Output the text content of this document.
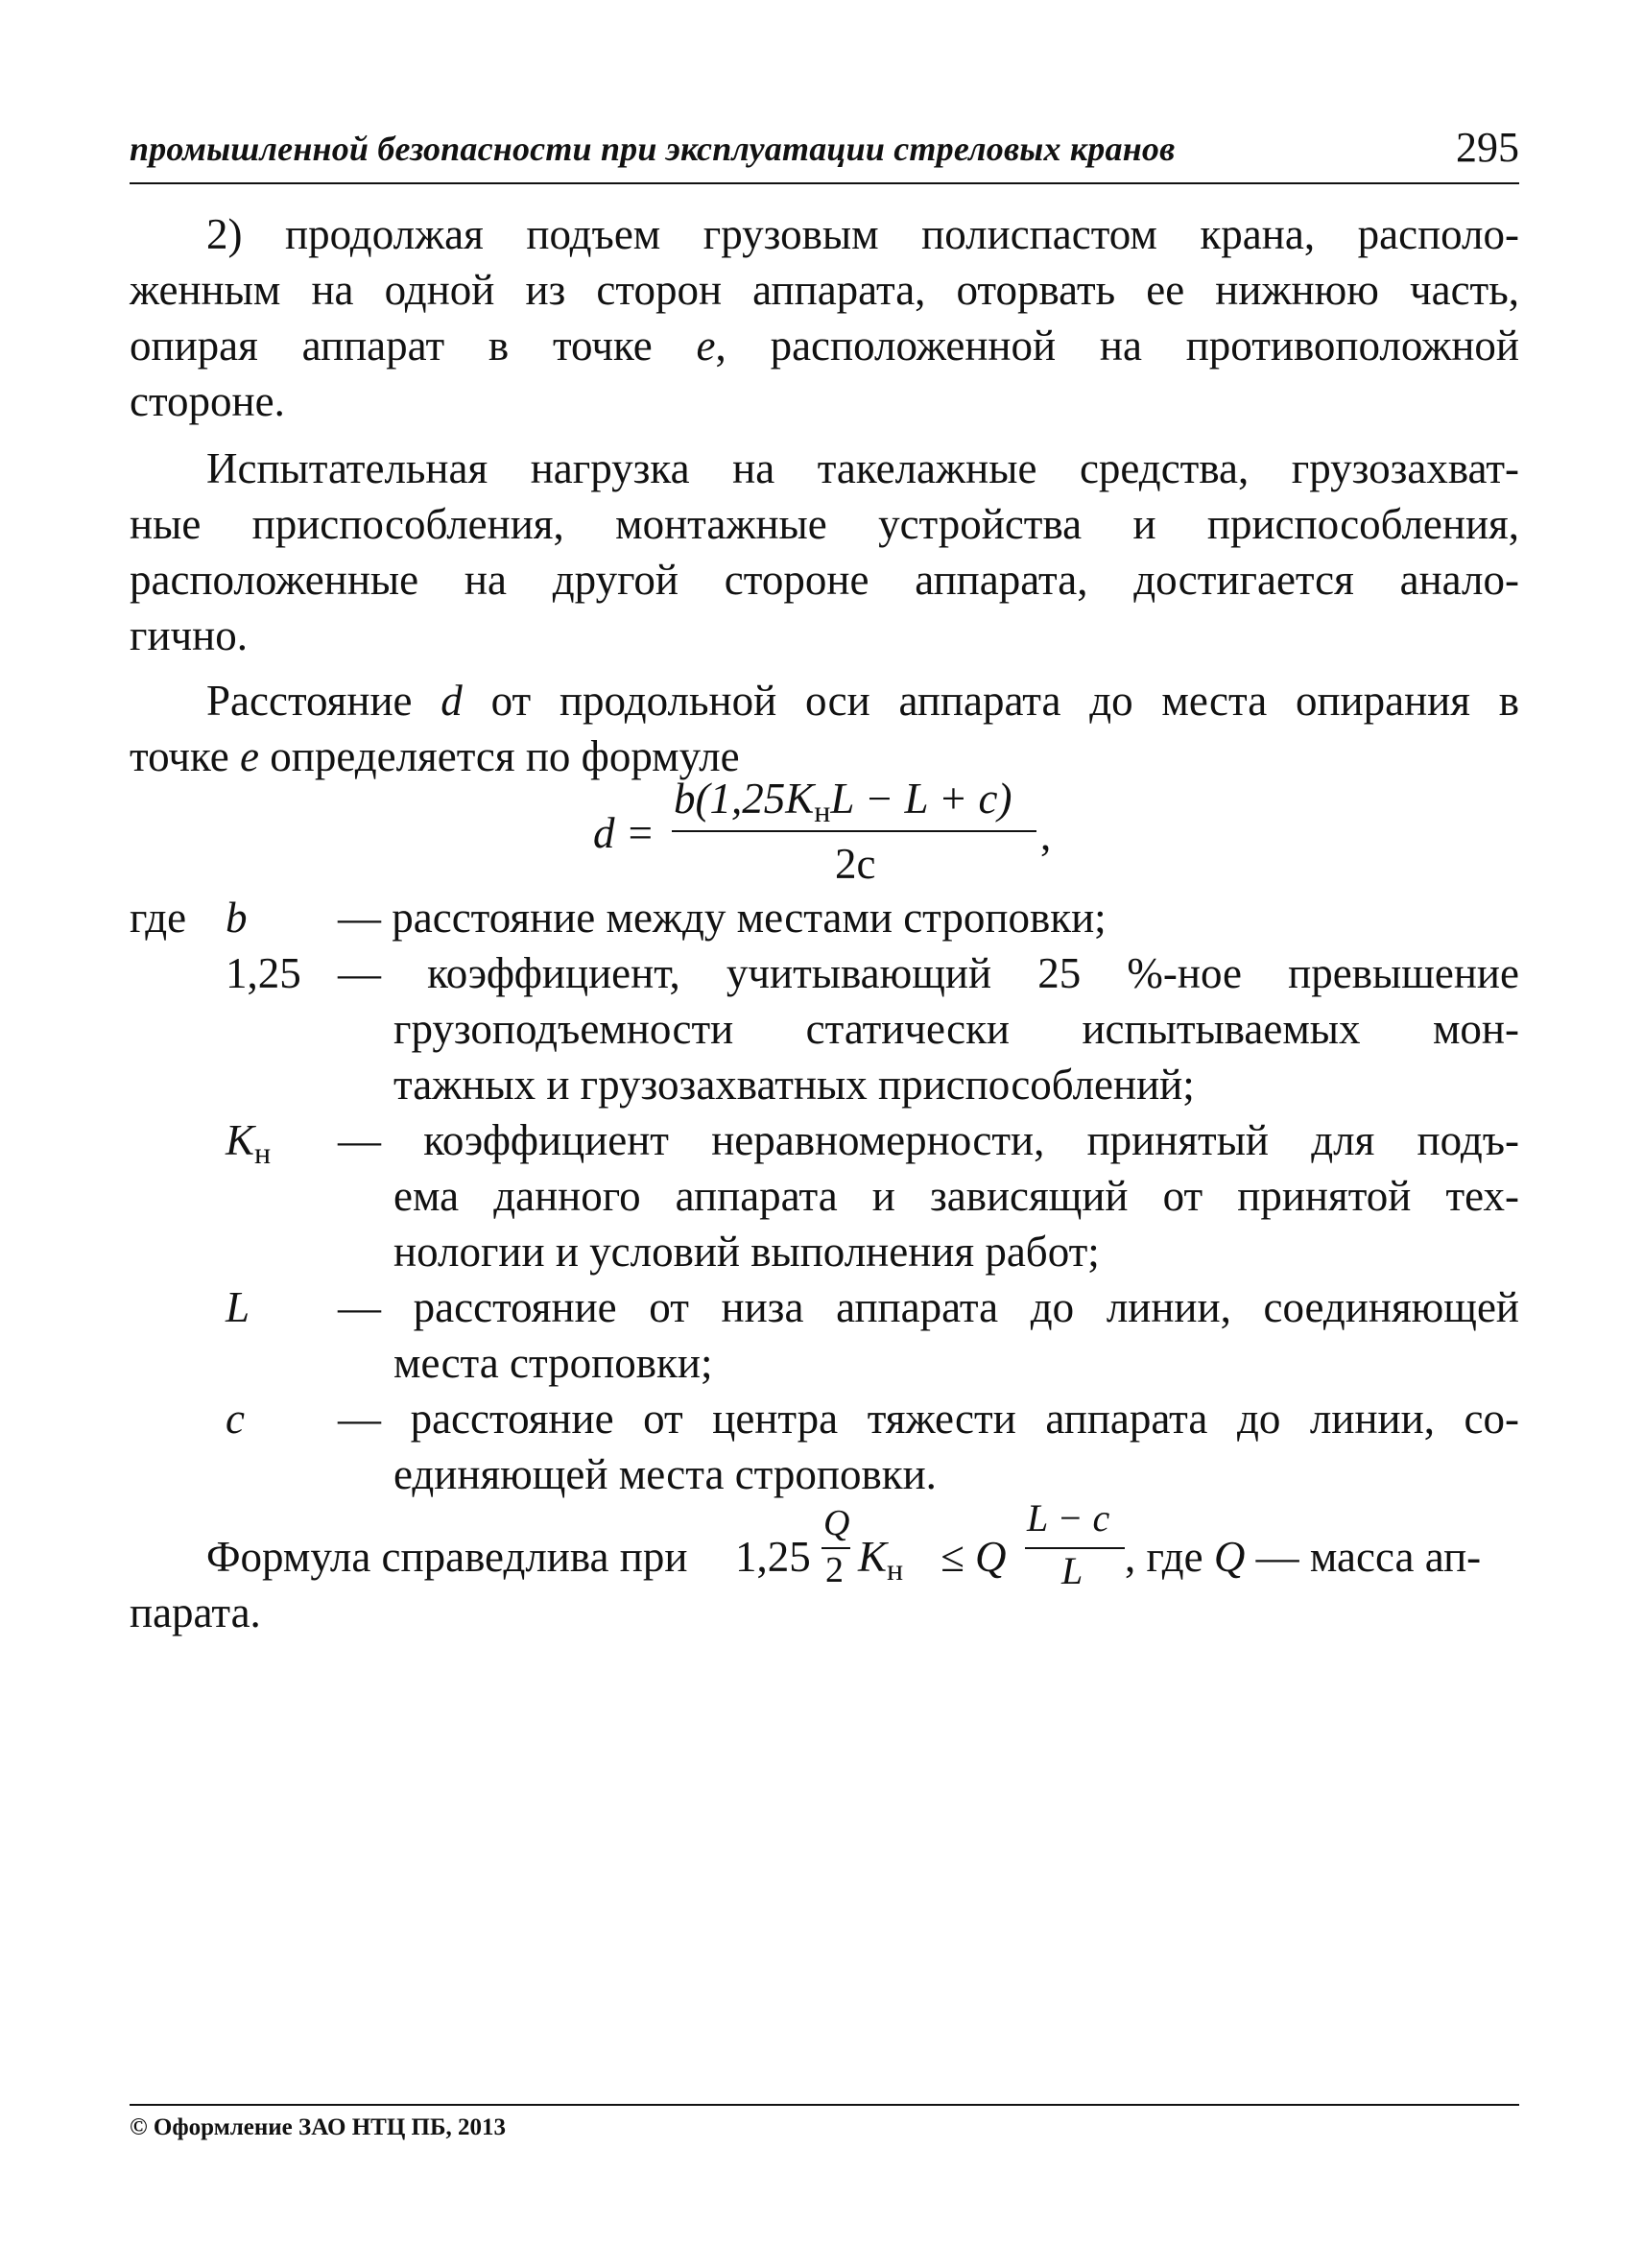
промышленной безопасности при эксплуатации стреловых кранов	295
2) продолжая подъем грузовым полиспастом крана, располо-
женным на одной из сторон аппарата, оторвать ее нижнюю часть,
опирая аппарат в точке е, расположенной на противоположной
стороне.
Испытательная нагрузка на такелажные средства, грузозахват-
ные приспособления, монтажные устройства и приспособления,
расположенные на другой стороне аппарата, достигается анало-
гично.
Расстояние d от продольной оси аппарата до места опирания в
точке е определяется по формуле
d =
$b(1,25K_нL - L + c)$
2c
,
где b — расстояние между местами строповки;
1,25 — коэффициент, учитывающий 25 %-ное превышение
грузоподъемности статически испытываемых мон-
тажных и грузозахватных приспособлений;
$K_н$ — коэффициент неравномерности, принятый для подъ-
ема данного аппарата и зависящий от принятой тех-
нологии и условий выполнения работ;
L — расстояние от низа аппарата до линии, соединяющей
места строповки;
c — расстояние от центра тяжести аппарата до линии, со-
единяющей места строповки.
Формула справедлива при 1,25
Q
2 $K_н \le Q$
L − c
L , где Q — масса ап-
парата.
© Оформление ЗАО НТЦ ПБ, 2013
